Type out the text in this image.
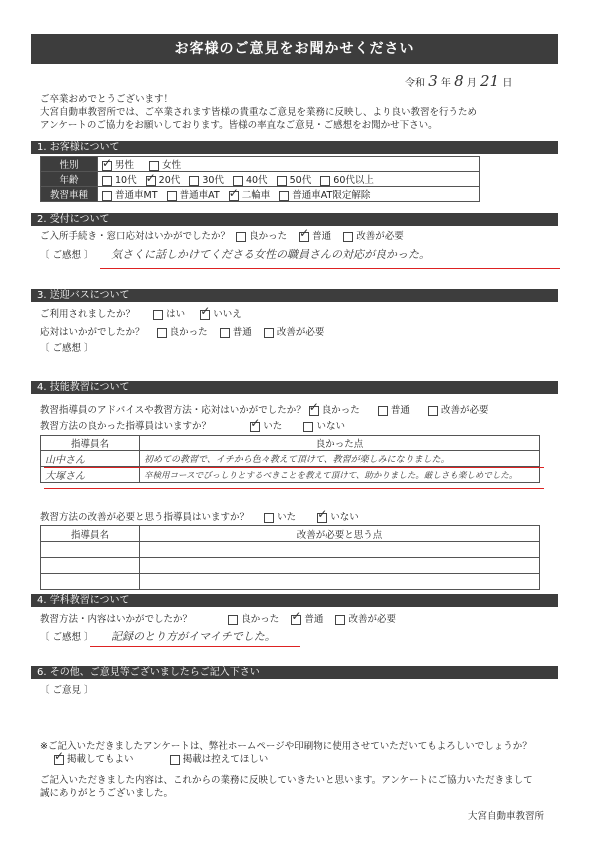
お客様のご意見をお聞かせください
令和 3 年 8 月 21 日
ご卒業おめでとうございます！
大宮自動車教習所では、ご卒業されます皆様の貴重なご意見を業務に反映し、より良い教習を行うため
アンケートのご協力をお願いしております。皆様の率直なご意見・ご感想をお聞かせ下さい。
1. お客様について
性別	✓男性 女性
年齢	10代 ✓ 20代 30代 40代 50代 60代以上
教習車種	普通車MT 普通車AT ✓ 二輪車 普通車AT限定解除
2. 受付について
ご入所手続き・窓口応対はいかがでしたか？ 良かった ✓	普通	改善が必要
〔 ご感想 〕 気さくに話しかけてくださる女性の職員さんの対応が良かった。
3. 送迎バスについて
ご利用されましたか？	はい ✓	いいえ
応対はいかがでしたか？	良かった	普通	改善が必要
〔 ご感想 〕
4. 技能教習について
教習指導員のアドバイスや教習方法・応対はいかがでしたか？ ✓ 良かった	普通	改善が必要
教習方法の良かった指導員はいますか？ ✓	いた	いない
指導員名	良かった点
山中さん	初めての教習で、イチから色々教えて頂けて、教習が楽しみになりました。
大塚さん	卒検用コースでびっしりとするべきことを教えて頂けて、助かりました。厳しさも楽しめでした。
教習方法の改善が必要と思う指導員はいますか？	いた ✓	いない
指導員名	改善が必要と思う点

4. 学科教習について
教習方法・内容はいかがでしたか？	良かった ✓	普通	改善が必要
〔 ご感想 〕 記録のとり方がイマイチでした。
6. その他、ご意見等ございましたらご記入下さい
〔 ご意見 〕
※ご記入いただきましたアンケートは、弊社ホームページや印刷物に使用させていただいてもよろしいでしょうか？
✓掲載してもよい	掲載は控えてほしい
ご記入いただきました内容は、これからの業務に反映していきたいと思います。アンケートにご協力いただきまして
誠にありがとうございました。
大宮自動車教習所
